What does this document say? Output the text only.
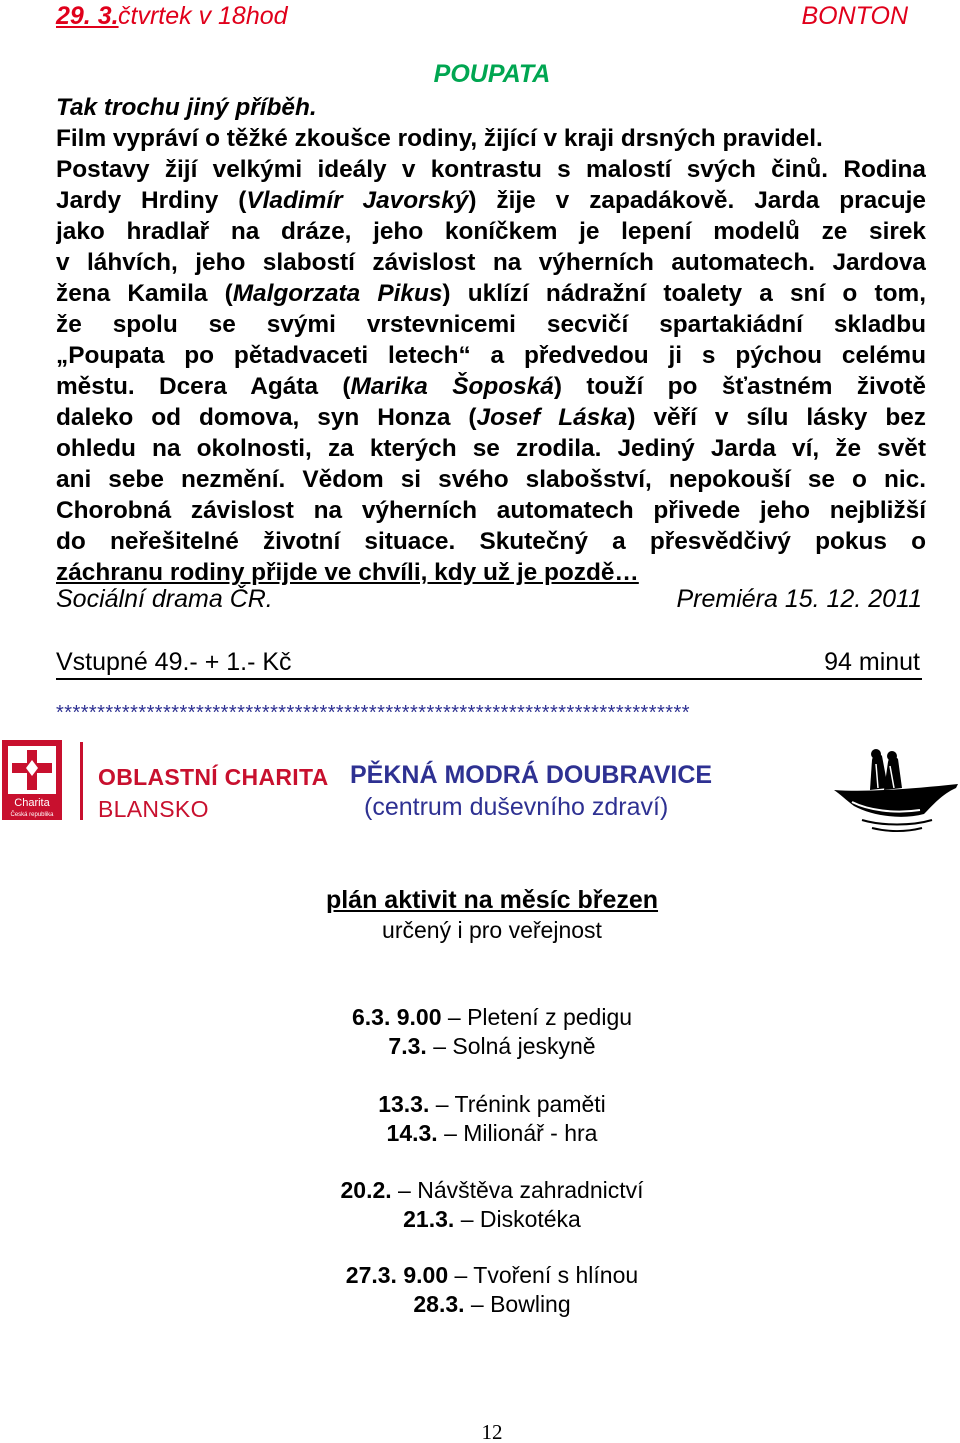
29. 3. čtvrtek v 18hod	BONTON
POUPATA
Tak trochu jiný příběh.
Film vypráví o těžké zkoušce rodiny, žijící v kraji drsných pravidel.
Postavy žijí velkými ideály v kontrastu s malostí svých činů. Rodina
Jardy Hrdiny (Vladimír Javorský) žije v zapadákově. Jarda pracuje
jako hradlař na dráze, jeho koníčkem je lepení modelů ze sirek
v láhvích, jeho slabostí závislost na výherních automatech. Jardova
žena Kamila (Malgorzata Pikus) uklízí nádražní toalety a sní o tom,
že spolu se svými vrstevnicemi secvičí spartakiádní skladbu
„Poupata po pětadvaceti letech“ a předvedou ji s pýchou celému
městu. Dcera Agáta (Marika Šoposká) touží po šťastném životě
daleko od domova, syn Honza (Josef Láska) věří v sílu lásky bez
ohledu na okolnosti, za kterých se zrodila. Jediný Jarda ví, že svět
ani sebe nezmění. Vědom si svého slabošství, nepokouší se o nic.
Chorobná závislost na výherních automatech přivede jeho nejbližší
do neřešitelné životní situace. Skutečný a přesvědčivý pokus o
záchranu rodiny přijde ve chvíli, kdy už je pozdě…
Sociální drama ČR.	Premiéra 15. 12. 2011
Vstupné 49.- + 1.- Kč	94 minut
*****************************************************************************
Charita
Česká republika
OBLASTNÍ CHARITA
BLANSKO
PĚKNÁ MODRÁ DOUBRAVICE
(centrum duševního zdraví)
plán aktivit na měsíc březen
určený i pro veřejnost
6.3. 9.00 – Pletení z pedigu
7.3. – Solná jeskyně
13.3. – Trénink paměti
14.3. – Milionář - hra
20.2. – Návštěva zahradnictví
21.3. – Diskotéka
27.3. 9.00 – Tvoření s hlínou
28.3. – Bowling
12
